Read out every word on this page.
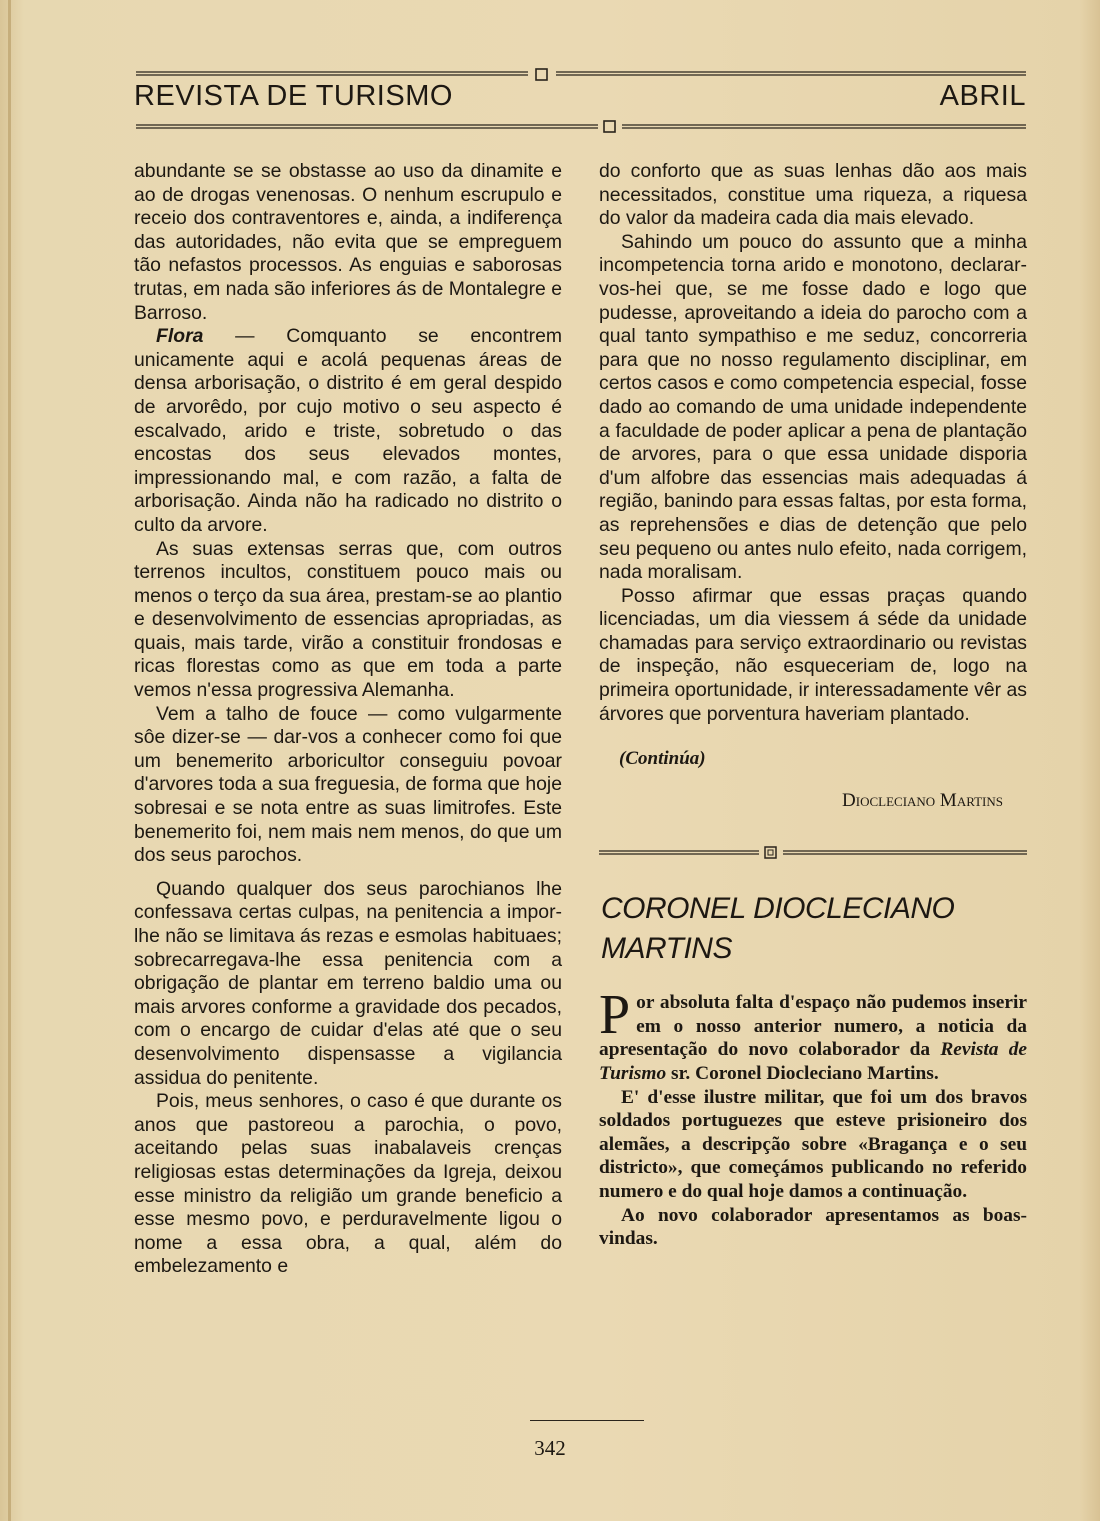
REVISTA DE TURISMO	ABRIL

abundante se se obstasse ao uso da dinamite e ao de drogas venenosas. O nenhum escrupulo e receio dos contraventores e, ainda, a indiferença das autoridades, não evita que se empreguem tão nefastos processos. As enguias e saborosas trutas, em nada são inferiores ás de Montalegre e Barroso.

Flora — Comquanto se encontrem unicamente aqui e acolá pequenas áreas de densa arborisação, o distrito é em geral despido de arvorêdo, por cujo motivo o seu aspecto é escalvado, arido e triste, sobretudo o das encostas dos seus elevados montes, impressionando mal, e com razão, a falta de arborisação. Ainda não ha radicado no distrito o culto da arvore.

As suas extensas serras que, com outros terrenos incultos, constituem pouco mais ou menos o terço da sua área, prestam-se ao plantio e desenvolvimento de essencias apropriadas, as quais, mais tarde, virão a constituir frondosas e ricas florestas como as que em toda a parte vemos n'essa progressiva Alemanha.

Vem a talho de fouce — como vulgarmente sôe dizer-se — dar-vos a conhecer como foi que um benemerito arboricultor conseguiu povoar d'arvores toda a sua freguesia, de forma que hoje sobresai e se nota entre as suas limitrofes. Este benemerito foi, nem mais nem menos, do que um dos seus parochos.

Quando qualquer dos seus parochianos lhe confessava certas culpas, na penitencia a impor-lhe não se limitava ás rezas e esmolas habituaes; sobrecarregava-lhe essa penitencia com a obrigação de plantar em terreno baldio uma ou mais arvores conforme a gravidade dos pecados, com o encargo de cuidar d'elas até que o seu desenvolvimento dispensasse a vigilancia assidua do penitente.

Pois, meus senhores, o caso é que durante os anos que pastoreou a parochia, o povo, aceitando pelas suas inabalaveis crenças religiosas estas determinações da Igreja, deixou esse ministro da religião um grande beneficio a esse mesmo povo, e perduravelmente ligou o nome a essa obra, a qual, além do embelezamento e

do conforto que as suas lenhas dão aos mais necessitados, constitue uma riqueza, a riquesa do valor da madeira cada dia mais elevado.

Sahindo um pouco do assunto que a minha incompetencia torna arido e monotono, declarar-vos-hei que, se me fosse dado e logo que pudesse, aproveitando a ideia do parocho com a qual tanto sympathiso e me seduz, concorreria para que no nosso regulamento disciplinar, em certos casos e como competencia especial, fosse dado ao comando de uma unidade independente a faculdade de poder aplicar a pena de plantação de arvores, para o que essa unidade disporia d'um alfobre das essencias mais adequadas á região, banindo para essas faltas, por esta forma, as reprehensões e dias de detenção que pelo seu pequeno ou antes nulo efeito, nada corrigem, nada moralisam.

Posso afirmar que essas praças quando licenciadas, um dia viessem á séde da unidade chamadas para serviço extraordinario ou revistas de inspeção, não esqueceriam de, logo na primeira oportunidade, ir interessadamente vêr as árvores que porventura haveriam plantado.

(Continúa)
Diocleciano Martins
CORONEL DIOCLECIANO
MARTINS

Por absoluta falta d'espaço não pudemos inserir em o nosso anterior numero, a noticia da apresentação do novo colaborador da Revista de Turismo sr. Coronel Diocleciano Martins.

E' d'esse ilustre militar, que foi um dos bravos soldados portuguezes que esteve prisioneiro dos alemães, a descripção sobre «Bragança e o seu districto», que começámos publicando no referido numero e do qual hoje damos a continuação.

Ao novo colaborador apresentamos as boas-vindas.

342
